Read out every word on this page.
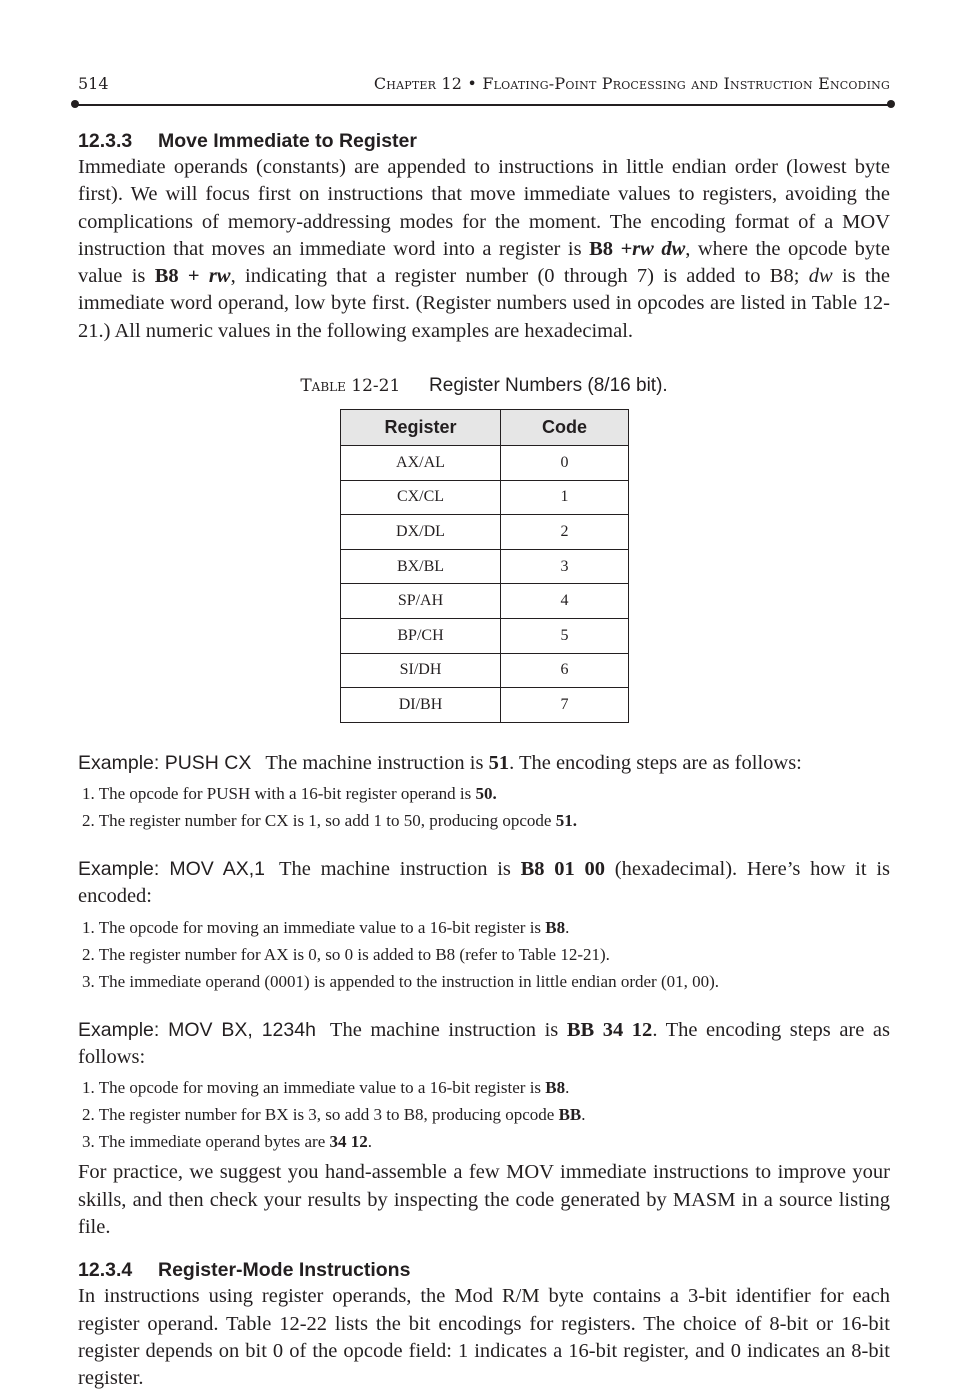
514	Chapter 12 • Floating-Point Processing and Instruction Encoding
12.3.3 Move Immediate to Register

Immediate operands (constants) are appended to instructions in little endian order (lowest byte first). We will focus first on instructions that move immediate values to registers, avoiding the complications of memory-addressing modes for the moment. The encoding format of a MOV instruction that moves an immediate word into a register is B8 +rw dw, where the opcode byte value is B8 + rw, indicating that a register number (0 through 7) is added to B8; dw is the immediate word operand, low byte first. (Register numbers used in opcodes are listed in Table 12-21.) All numeric values in the following examples are hexadecimal.

Table 12-21 Register Numbers (8/16 bit).
Register	Code
AX/AL	0
CX/CL	1
DX/DL	2
BX/BL	3
SP/AH	4
BP/CH	5
SI/DH	6
DI/BH	7

Example: PUSH CX The machine instruction is 51. The encoding steps are as follows:

1. The opcode for PUSH with a 16-bit register operand is 50.
2. The register number for CX is 1, so add 1 to 50, producing opcode 51.

Example: MOV AX,1 The machine instruction is B8 01 00 (hexadecimal). Here’s how it is encoded:

1. The opcode for moving an immediate value to a 16-bit register is B8.
2. The register number for AX is 0, so 0 is added to B8 (refer to Table 12-21).
3. The immediate operand (0001) is appended to the instruction in little endian order (01, 00).

Example: MOV BX, 1234h The machine instruction is BB 34 12. The encoding steps are as follows:

1. The opcode for moving an immediate value to a 16-bit register is B8.
2. The register number for BX is 3, so add 3 to B8, producing opcode BB.
3. The immediate operand bytes are 34 12.

For practice, we suggest you hand-assemble a few MOV immediate instructions to improve your skills, and then check your results by inspecting the code generated by MASM in a source listing file.

12.3.4 Register-Mode Instructions

In instructions using register operands, the Mod R/M byte contains a 3-bit identifier for each register operand. Table 12-22 lists the bit encodings for registers. The choice of 8-bit or 16-bit register depends on bit 0 of the opcode field: 1 indicates a 16-bit register, and 0 indicates an 8-bit register.
